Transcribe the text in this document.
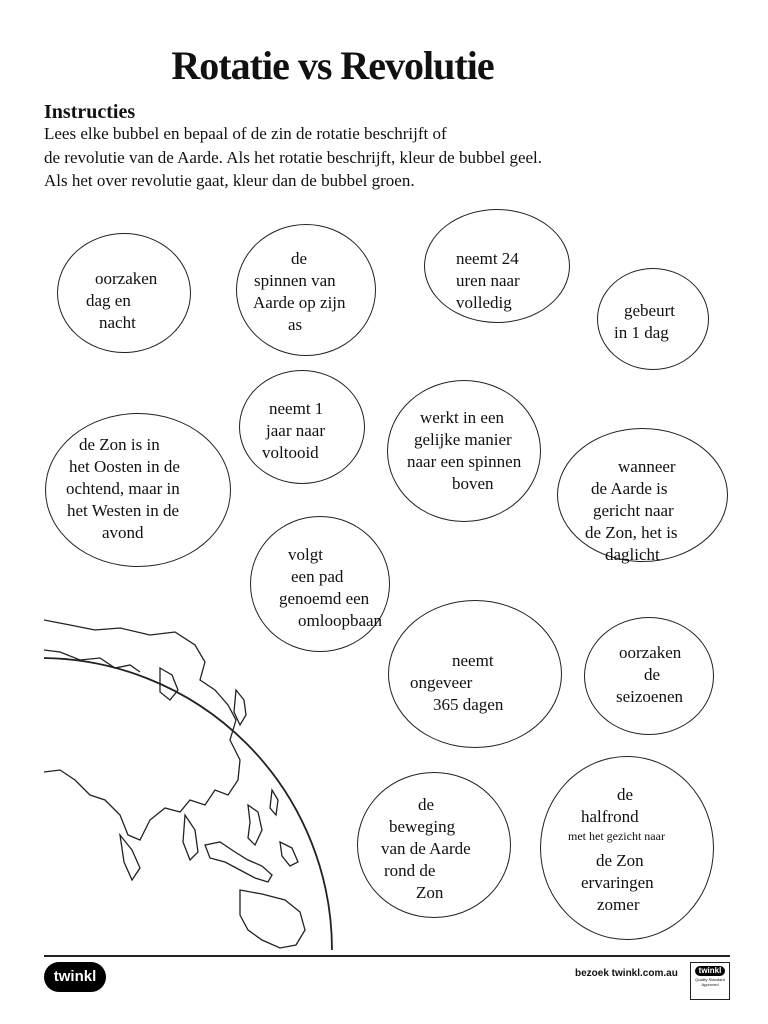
Rotatie vs Revolutie
Instructies
Lees elke bubbel en bepaal of de zin de rotatie beschrijft of
de revolutie van de Aarde. Als het rotatie beschrijft, kleur de bubbel geel.
Als het over revolutie gaat, kleur dan de bubbel groen.
oorzaken
dag en
nacht
de
spinnen van
Aarde op zijn
as
neemt 24
uren naar
volledig	gebeurt
in 1 dag
neemt 1
jaar naar
voltooid
werkt in een
gelijke manier
naar een spinnen
boven
de Zon is in
het Oosten in de
ochtend, maar in
het Westen in de
avond
wanneer
de Aarde is
gericht naar
de Zon, het is
daglicht
volgt
een pad
genoemd een
omloopbaan
neemt
ongeveer
365 dagen
oorzaken
de
seizoenen
de
beweging
van de Aarde
rond de
Zon
de
halfrond
met het gezicht naar
de Zon
ervaringen
zomer
twinkl	bezoek twinkl.com.au	twinkl
Quality Standard Approved
